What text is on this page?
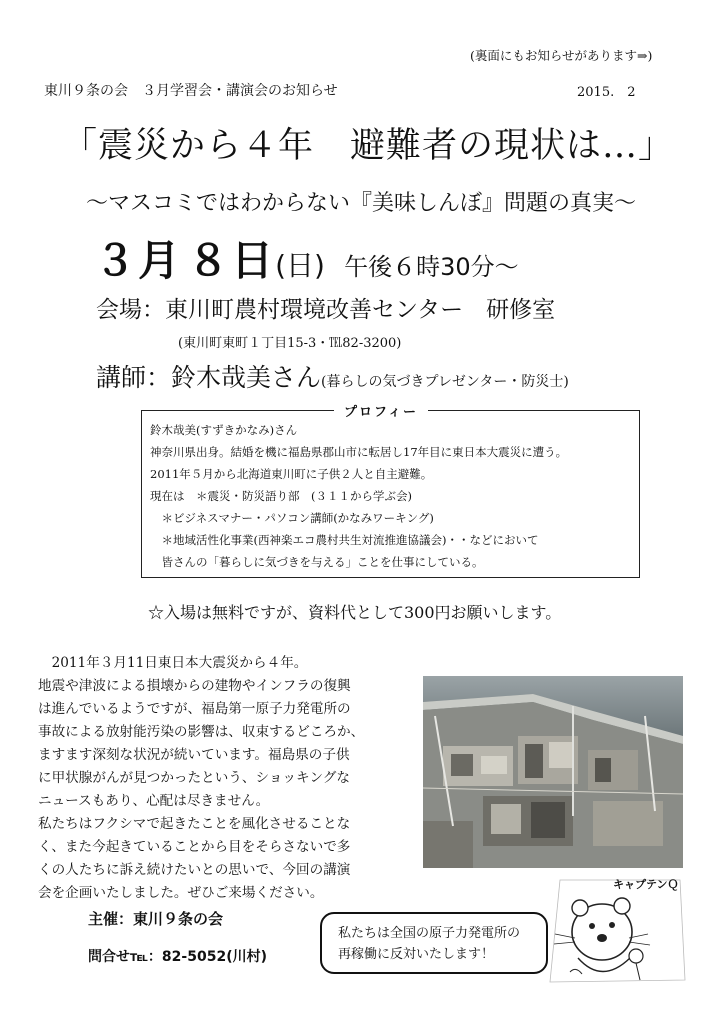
(裏面にもお知らせがあります⇒)
東川９条の会　３月学習会・講演会のお知らせ	2015.　2
「震災から４年　避難者の現状は…」
～マスコミではわからない『美味しんぼ』問題の真実～
３月 ８日(日) 午後６時30分～
会場：東川町農村環境改善センター　研修室
(東川町東町１丁目15-3・℡82-3200)
講師：鈴木哉美さん(暮らしの気づきプレゼンター・防災士)
プロフィー
鈴木哉美(すずきかなみ)さん
神奈川県出身。結婚を機に福島県郡山市に転居し17年目に東日本大震災に遭う。
2011年５月から北海道東川町に子供２人と自主避難。
現在は　＊震災・防災語り部　(３１１から学ぶ会)
　＊ビジネスマナー・パソコン講師(かなみワーキング)
　＊地域活性化事業(西神楽エコ農村共生対流推進協議会)・・などにおいて
　皆さんの「暮らしに気づきを与える」ことを仕事にしている。
☆入場は無料ですが、資料代として300円お願いします。
　2011年３月11日東日本大震災から４年。
地震や津波による損壊からの建物やインフラの復興
は進んでいるようですが、福島第一原子力発電所の
事故による放射能汚染の影響は、収束するどころか、
ますます深刻な状況が続いています。福島県の子供
に甲状腺がんが見つかったという、ショッキングな
ニュースもあり、心配は尽きません。
私たちはフクシマで起きたことを風化させることな
く、また今起きていることから目をそらさないで多
くの人たちに訴え続けたいとの思いで、今回の講演
会を企画いたしました。ぜひご来場ください。
主催：東川９条の会
問合せ℡：82-5052(川村)
私たちは全国の原子力発電所の
再稼働に反対いたします！
キャプテンＱ
